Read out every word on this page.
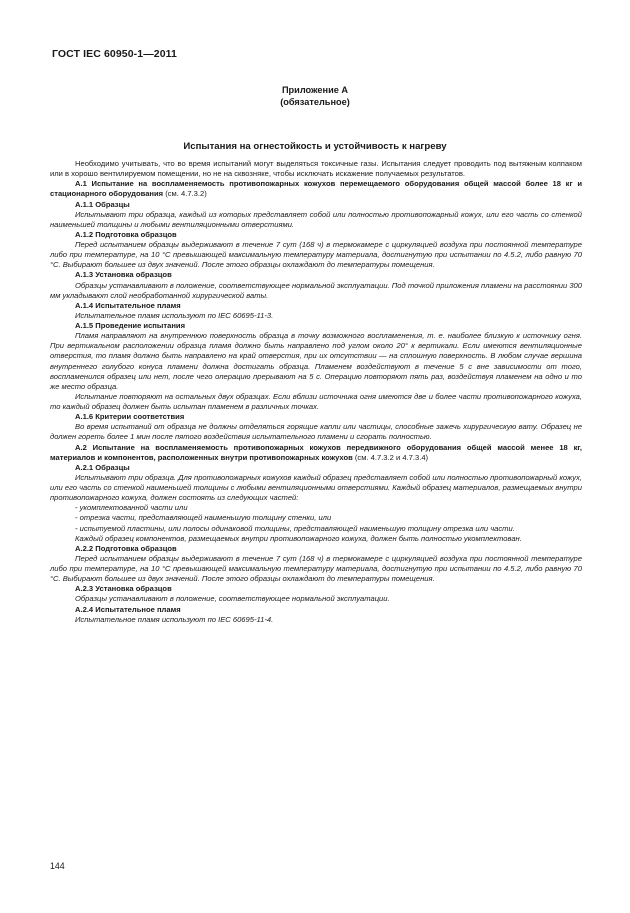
ГОСТ IEC 60950-1—2011
Приложение А
(обязательное)
Испытания на огнестойкость и устойчивость к нагреву

Необходимо учитывать, что во время испытаний могут выделяться токсичные газы. Испытания следует проводить под вытяжным колпаком или в хорошо вентилируемом помещении, но не на сквозняке, чтобы исключать искажение получаемых результатов.

А.1 Испытание на воспламеняемость противопожарных кожухов перемещаемого оборудования общей массой более 18 кг и стационарного оборудования (см. 4.7.3.2)

А.1.1 Образцы

Испытывают три образца, каждый из которых представляет собой или полностью противопожарный кожух, или его часть со стенкой наименьшей толщины и любыми вентиляционными отверстиями.

А.1.2 Подготовка образцов

Перед испытанием образцы выдерживают в течение 7 сут (168 ч) в термокамере с циркуляцией воздуха при постоянной температуре либо при температуре, на 10 °С превышающей максимальную температуру материала, достигнутую при испытании по 4.5.2, либо равную 70 °С. Выбирают большее из двух значений. После этого образцы охлаждают до температуры помещения.

А.1.3 Установка образцов

Образцы устанавливают в положение, соответствующее нормальной эксплуатации. Под точкой приложения пламени на расстоянии 300 мм укладывают слой необработанной хирургической ваты.

А.1.4 Испытательное пламя

Испытательное пламя используют по IEC 60695-11-3.

А.1.5 Проведение испытания

Пламя направляют на внутреннюю поверхность образца в точку возможного воспламенения, т. е. наиболее близкую к источнику огня. При вертикальном расположении образца пламя должно быть направлено под углом около 20° к вертикали. Если имеются вентиляционные отверстия, то пламя должно быть направлено на край отверстия, при их отсутствии — на сплошную поверхность. В любом случае вершина внутреннего голубого конуса пламени должна достигать образца. Пламенем воздействуют в течение 5 с вне зависимости от того, воспламенился образец или нет, после чего операцию прерывают на 5 с. Операцию повторяют пять раз, воздействуя пламенем на одно и то же место образца.

Испытание повторяют на остальных двух образцах. Если вблизи источника огня имеются две и более части противопожарного кожуха, то каждый образец должен быть испытан пламенем в различных точках.

А.1.6 Критерии соответствия

Во время испытаний от образца не должны отделяться горящие капли или частицы, способные зажечь хирургическую вату. Образец не должен гореть более 1 мин после пятого воздействия испытательного пламени и сгорать полностью.

А.2 Испытание на воспламеняемость противопожарных кожухов передвижного оборудования общей массой менее 18 кг, материалов и компонентов, расположенных внутри противопожарных кожухов (см. 4.7.3.2 и 4.7.3.4)

А.2.1 Образцы

Испытывают три образца. Для противопожарных кожухов каждый образец представляет собой или полностью противопожарный кожух, или его часть со стенкой наименьшей толщины с любыми вентиляционными отверстиями. Каждый образец материалов, размещаемых внутри противопожарного кожуха, должен состоять из следующих частей:

- укомплектованной части или

- отрезка части, представляющей наименьшую толщину стенки, или

- испытуемой пластины, или полосы одинаковой толщины, представляющей наименьшую толщину отрезка или части.

Каждый образец компонентов, размещаемых внутри противопожарного кожуха, должен быть полностью укомплектован.

А.2.2 Подготовка образцов

Перед испытанием образцы выдерживают в течение 7 сут (168 ч) в термокамере с циркуляцией воздуха при постоянной температуре либо при температуре, на 10 °С превышающей максимальную температуру материала, достигнутую при испытании по 4.5.2, либо равную 70 °С. Выбирают большее из двух значений. После этого образцы охлаждают до температуры помещения.

А.2.3 Установка образцов

Образцы устанавливают в положение, соответствующее нормальной эксплуатации.

А.2.4 Испытательное пламя

Испытательное пламя используют по IEC 60695-11-4.

144
